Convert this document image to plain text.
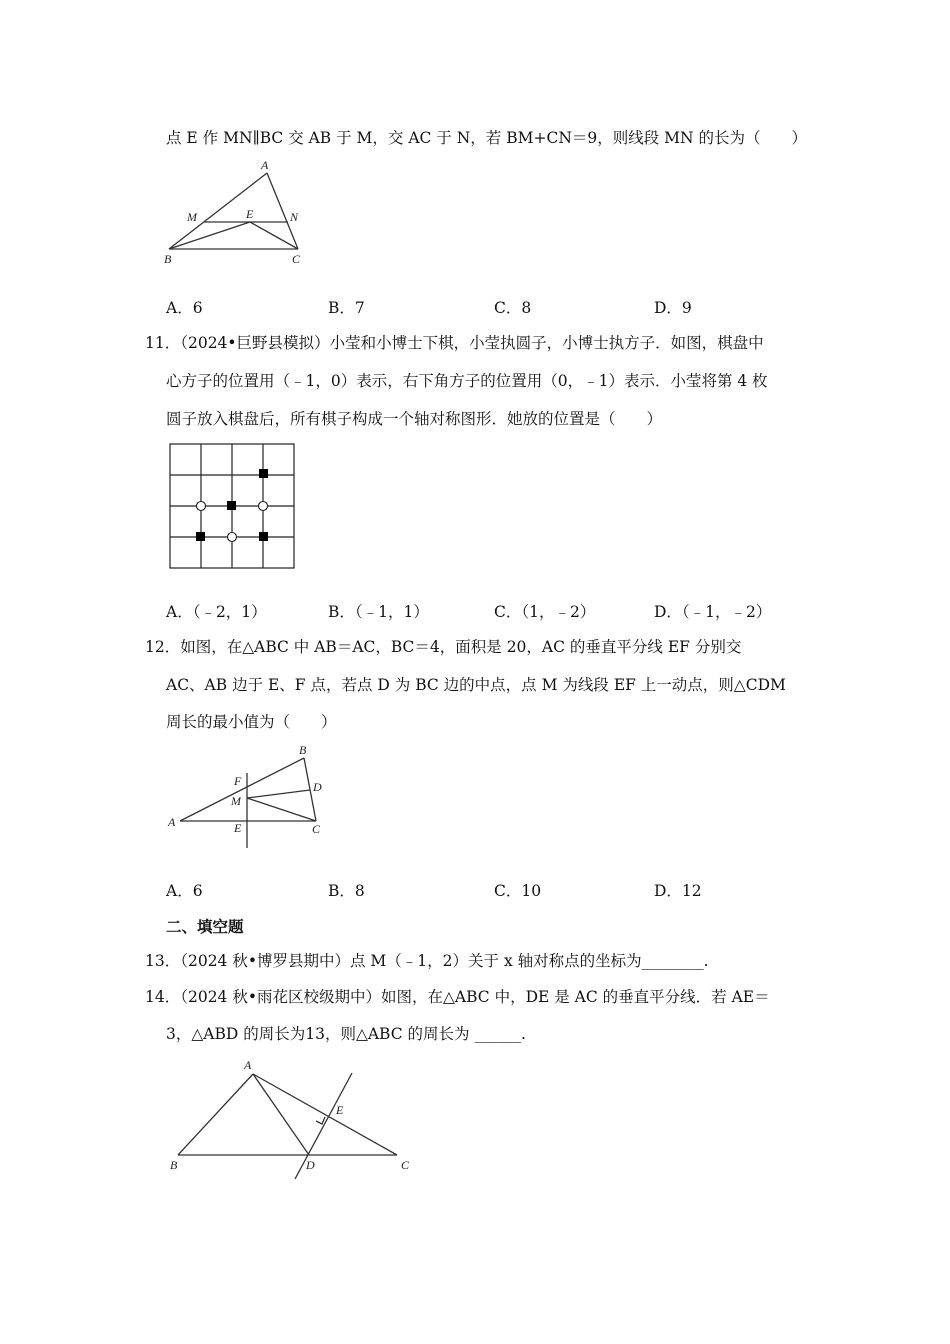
点 E 作 MN∥BC 交 AB 于 M，交 AC 于 N，若 BM+CN＝9，则线段 MN 的长为（　　）
A
M	E	N
B	C
A．6	B．7	C．8	D．9
11．（2024•巨野县模拟）小莹和小博士下棋，小莹执圆子，小博士执方子．如图，棋盘中
心方子的位置用（﹣1，0）表示，右下角方子的位置用（0，﹣1）表示．小莹将第 4 枚
圆子放入棋盘后，所有棋子构成一个轴对称图形．她放的位置是（　　）
A．（﹣2，1）	B．（﹣1，1）	C．（1，﹣2）	D．（﹣1，﹣2）
12．如图，在△ABC 中 AB＝AC，BC＝4，面积是 20，AC 的垂直平分线 EF 分别交
AC、AB 边于 E、F 点，若点 D 为 BC 边的中点，点 M 为线段 EF 上一动点，则△CDM
周长的最小值为（　　）
B
F	D
M
A	E	C
A．6	B．8	C．10	D．12
二、填空题
13．（2024 秋•博罗县期中）点 M（﹣1，2）关于 x 轴对称点的坐标为________.
14．（2024 秋•雨花区校级期中）如图，在△ABC 中，DE 是 AC 的垂直平分线．若 AE＝
3，△ABD 的周长为13，则△ABC 的周长为 ______.
A
E
B	D	C
